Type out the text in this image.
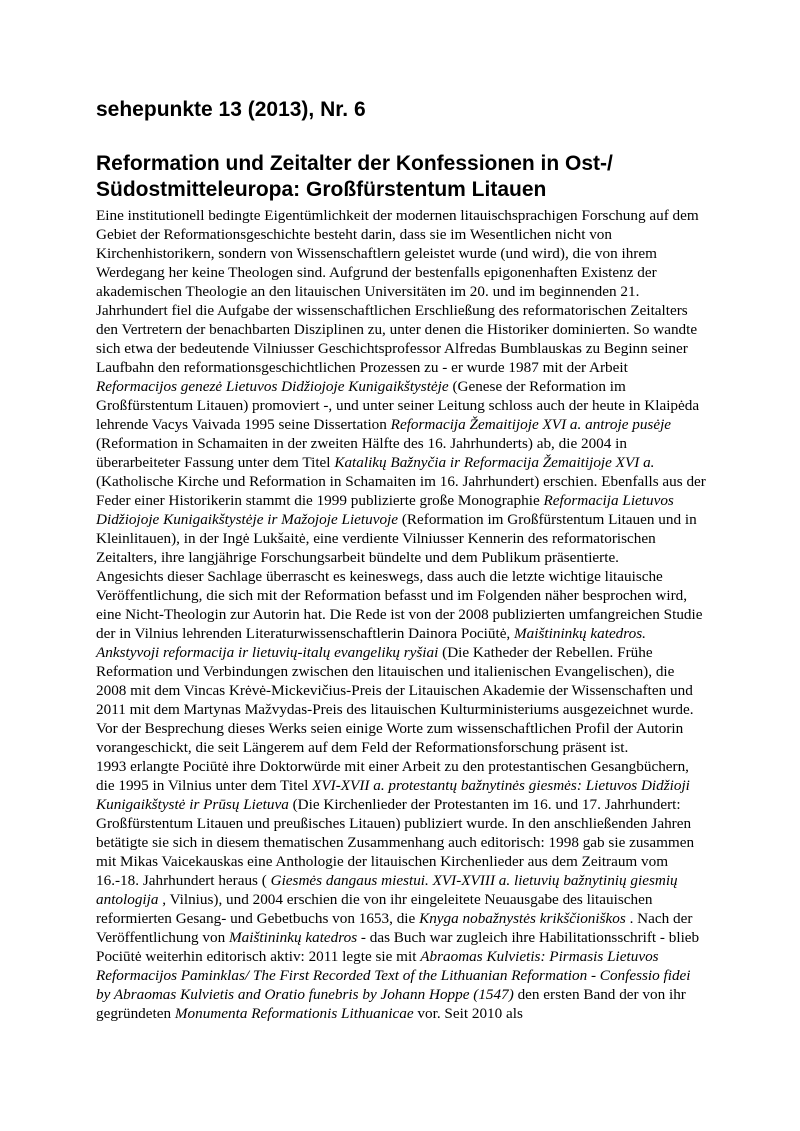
sehepunkte 13 (2013), Nr. 6
Reformation und Zeitalter der Konfessionen in Ost-/
Südostmitteleuropa: Großfürstentum Litauen

Eine institutionell bedingte Eigentümlichkeit der modernen litauischsprachigen Forschung auf dem Gebiet der Reformationsgeschichte besteht darin, dass sie im Wesentlichen nicht von Kirchenhistorikern, sondern von Wissenschaftlern geleistet wurde (und wird), die von ihrem Werdegang her keine Theologen sind. Aufgrund der bestenfalls epigonenhaften Existenz der akademischen Theologie an den litauischen Universitäten im 20. und im beginnenden 21. Jahrhundert fiel die Aufgabe der wissenschaftlichen Erschließung des reformatorischen Zeitalters den Vertretern der benachbarten Disziplinen zu, unter denen die Historiker dominierten. So wandte sich etwa der bedeutende Vilniusser Geschichtsprofessor Alfredas Bumblauskas zu Beginn seiner Laufbahn den reformationsgeschichtlichen Prozessen zu - er wurde 1987 mit der Arbeit Reformacijos genezė Lietuvos Didžiojoje Kunigaikštystėje (Genese der Reformation im Großfürstentum Litauen) promoviert -, und unter seiner Leitung schloss auch der heute in Klaipėda lehrende Vacys Vaivada 1995 seine Dissertation Reformacija Žemaitijoje XVI a. antroje pusėje (Reformation in Schamaiten in der zweiten Hälfte des 16. Jahrhunderts) ab, die 2004 in überarbeiteter Fassung unter dem Titel Katalikų Bažnyčia ir Reformacija Žemaitijoje XVI a. (Katholische Kirche und Reformation in Schamaiten im 16. Jahrhundert) erschien. Ebenfalls aus der Feder einer Historikerin stammt die 1999 publizierte große Monographie Reformacija Lietuvos Didžiojoje Kunigaikštystėje ir Mažojoje Lietuvoje (Reformation im Großfürstentum Litauen und in Kleinlitauen), in der Ingė Lukšaitė, eine verdiente Vilniusser Kennerin des reformatorischen Zeitalters, ihre langjährige Forschungsarbeit bündelte und dem Publikum präsentierte.

Angesichts dieser Sachlage überrascht es keineswegs, dass auch die letzte wichtige litauische Veröffentlichung, die sich mit der Reformation befasst und im Folgenden näher besprochen wird, eine Nicht-Theologin zur Autorin hat. Die Rede ist von der 2008 publizierten umfangreichen Studie der in Vilnius lehrenden Literaturwissenschaftlerin Dainora Pociūtė, Maištininkų katedros. Ankstyvoji reformacija ir lietuvių-italų evangelikų ryšiai (Die Katheder der Rebellen. Frühe Reformation und Verbindungen zwischen den litauischen und italienischen Evangelischen), die 2008 mit dem Vincas Krėvė-Mickevičius-Preis der Litauischen Akademie der Wissenschaften und 2011 mit dem Martynas Mažvydas-Preis des litauischen Kulturministeriums ausgezeichnet wurde. Vor der Besprechung dieses Werks seien einige Worte zum wissenschaftlichen Profil der Autorin vorangeschickt, die seit Längerem auf dem Feld der Reformationsforschung präsent ist.

1993 erlangte Pociūtė ihre Doktorwürde mit einer Arbeit zu den protestantischen Gesangbüchern, die 1995 in Vilnius unter dem Titel XVI-XVII a. protestantų bažnytinės giesmės: Lietuvos Didžioji Kunigaikštystė ir Prūsų Lietuva (Die Kirchenlieder der Protestanten im 16. und 17. Jahrhundert: Großfürstentum Litauen und preußisches Litauen) publiziert wurde. In den anschließenden Jahren betätigte sie sich in diesem thematischen Zusammenhang auch editorisch: 1998 gab sie zusammen mit Mikas Vaicekauskas eine Anthologie der litauischen Kirchenlieder aus dem Zeitraum vom 16.-18. Jahrhundert heraus ( Giesmės dangaus miestui. XVI-XVIII a. lietuvių bažnytinių giesmių antologija , Vilnius), und 2004 erschien die von ihr eingeleitete Neuausgabe des litauischen reformierten Gesang- und Gebetbuchs von 1653, die Knyga nobažnystės krikščioniškos . Nach der Veröffentlichung von Maištininkų katedros - das Buch war zugleich ihre Habilitationsschrift - blieb Pociūtė weiterhin editorisch aktiv: 2011 legte sie mit Abraomas Kulvietis: Pirmasis Lietuvos Reformacijos Paminklas/ The First Recorded Text of the Lithuanian Reformation - Confessio fidei by Abraomas Kulvietis and Oratio funebris by Johann Hoppe (1547) den ersten Band der von ihr gegründeten Monumenta Reformationis Lithuanicae vor. Seit 2010 als
